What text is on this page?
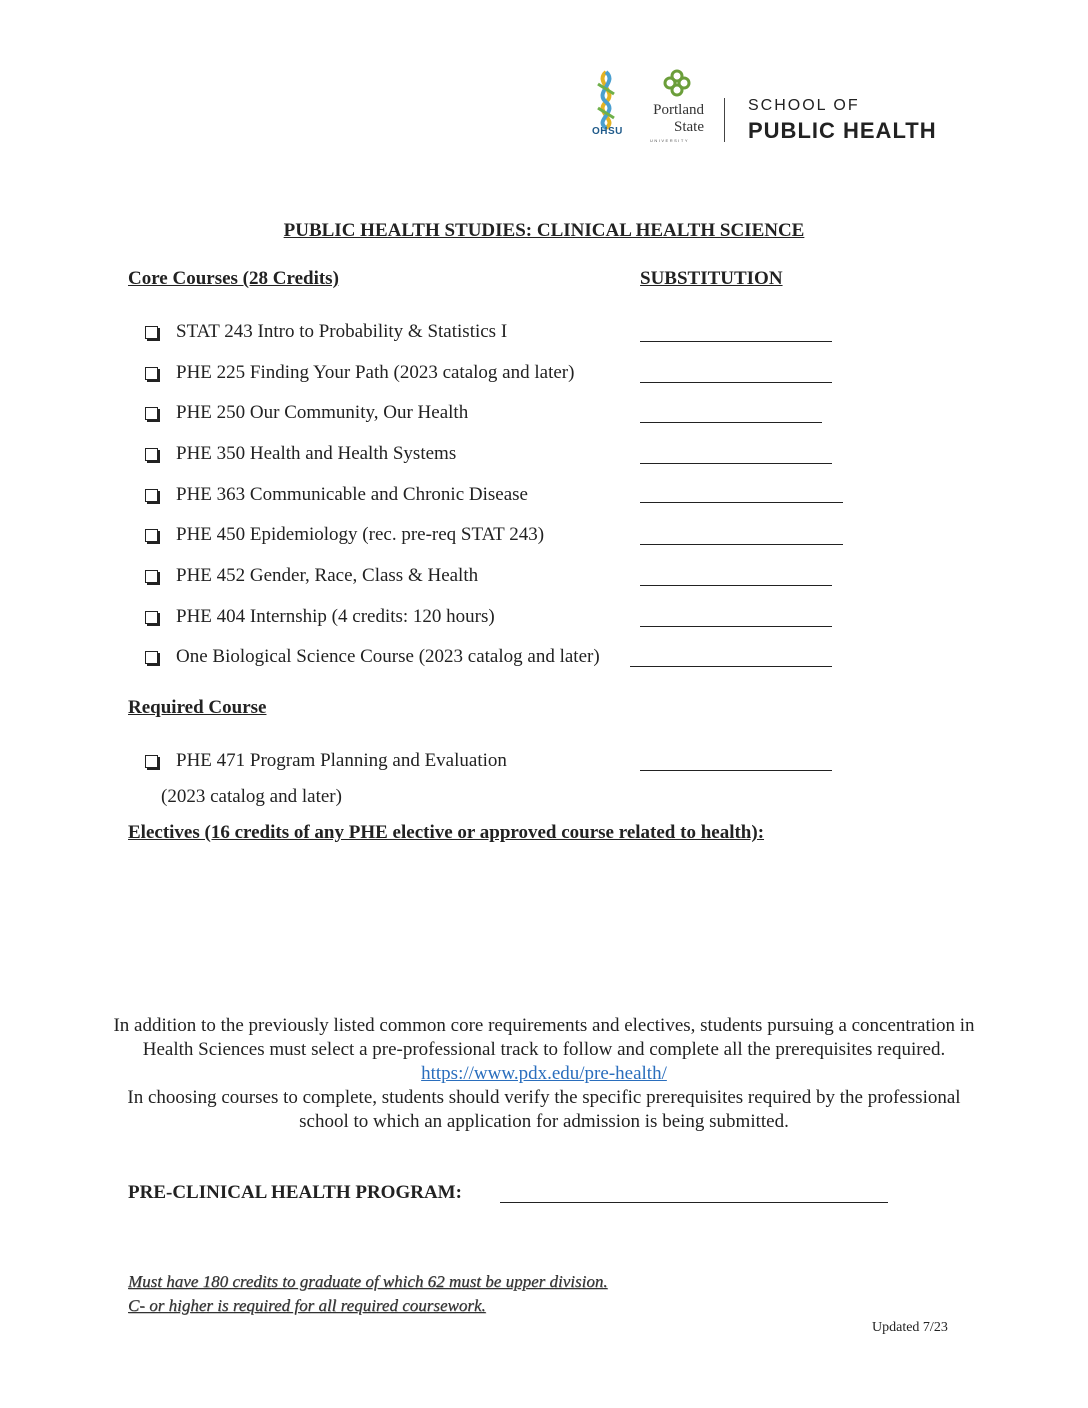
OHSU
Portland
State
UNIVERSITY
SCHOOL OF
PUBLIC HEALTH
PUBLIC HEALTH STUDIES: CLINICAL HEALTH SCIENCE
Core Courses (28 Credits)	SUBSTITUTION
STAT 243 Intro to Probability & Statistics I
PHE 225 Finding Your Path (2023 catalog and later)
PHE 250 Our Community, Our Health
PHE 350 Health and Health Systems
PHE 363 Communicable and Chronic Disease
PHE 450 Epidemiology (rec. pre-req STAT 243)
PHE 452 Gender, Race, Class & Health
PHE 404 Internship (4 credits: 120 hours)
One Biological Science Course (2023 catalog and later)
Required Course
PHE 471 Program Planning and Evaluation
(2023 catalog and later)
Electives (16 credits of any PHE elective or approved course related to health):
In addition to the previously listed common core requirements and electives, students pursuing a concentration in Health Sciences must select a pre-professional track to follow and complete all the prerequisites required.
https://www.pdx.edu/pre-health/
In choosing courses to complete, students should verify the specific prerequisites required by the professional school to which an application for admission is being submitted.
PRE-CLINICAL HEALTH PROGRAM:
Must have 180 credits to graduate of which 62 must be upper division.
C- or higher is required for all required coursework.
Updated 7/23
